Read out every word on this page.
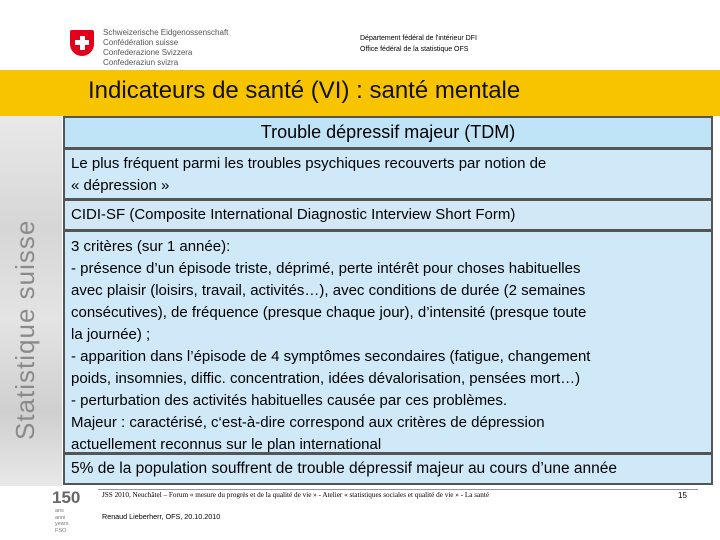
Schweizerische Eidgenossenschaft
Confédération suisse
Confederazione Svizzera
Confederaziun svizra
Département fédéral de l'intérieur DFI
Office fédéral de la statistique OFS
Indicateurs de santé (VI) : santé mentale
Statistique suisse
Trouble dépressif majeur (TDM)
Le plus fréquent parmi les troubles psychiques recouverts par notion de
« dépression »
CIDI-SF (Composite International Diagnostic Interview Short Form)
3 critères (sur 1 année):
- présence d’un épisode triste, déprimé, perte intérêt pour choses habituelles
avec plaisir (loisirs, travail, activités…), avec conditions de durée (2 semaines
consécutives), de fréquence (presque chaque jour), d’intensité (presque toute
la journée) ;
- apparition dans l’épisode de 4 symptômes secondaires (fatigue, changement
poids, insomnies, diffic. concentration, idées dévalorisation, pensées mort…)
- perturbation des activités habituelles causée par ces problèmes.
Majeur : caractérisé, c‘est-à-dire correspond aux critères de dépression
actuellement reconnus sur le plan international
5% de la population souffrent de trouble dépressif majeur au cours d’une année
150
ans
anni
years
FSO
JSS 2010, Neuchâtel – Forum « mesure du progrès et de la qualité de vie » - Atelier « statistiques sociales et qualité de vie » - La santé
Renaud Lieberherr, OFS, 20.10.2010
15
